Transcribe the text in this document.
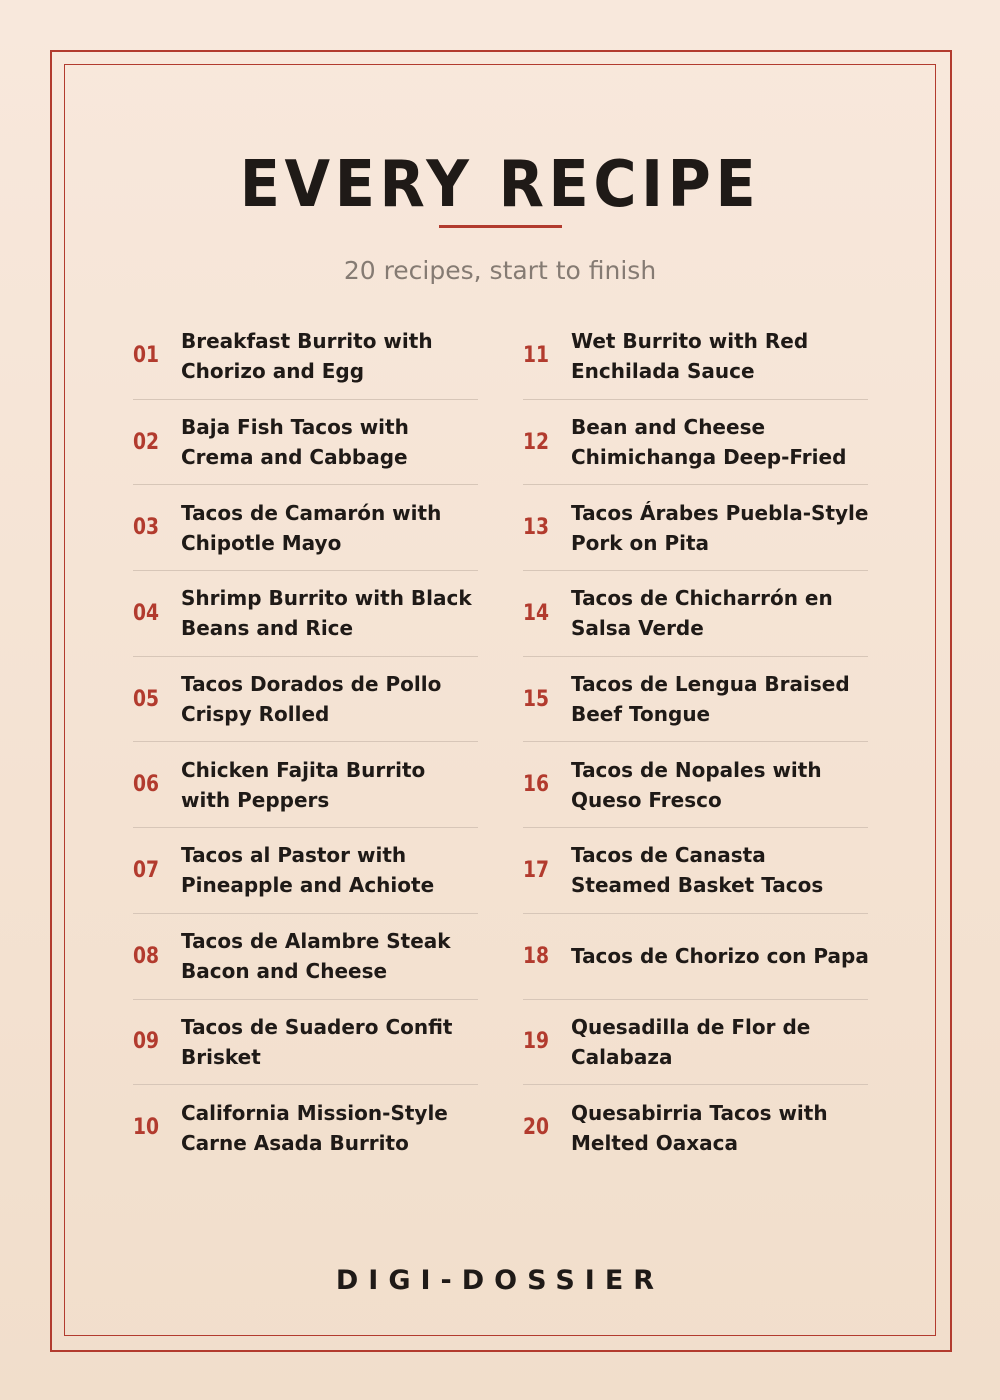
EVERY RECIPE
20 recipes, start to finish
01
Breakfast Burrito with Chorizo and Egg
02
Baja Fish Tacos with Crema and Cabbage
03
Tacos de Camarón with Chipotle Mayo
04
Shrimp Burrito with Black Beans and Rice
05
Tacos Dorados de Pollo Crispy Rolled
06
Chicken Fajita Burrito with Peppers
07
Tacos al Pastor with Pineapple and Achiote
08
Tacos de Alambre Steak Bacon and Cheese
09
Tacos de Suadero Confit Brisket
10
California Mission-Style Carne Asada Burrito
11
Wet Burrito with Red Enchilada Sauce
12
Bean and Cheese Chimichanga Deep-Fried
13
Tacos Árabes Puebla-Style Pork on Pita
14
Tacos de Chicharrón en Salsa Verde
15
Tacos de Lengua Braised Beef Tongue
16
Tacos de Nopales with Queso Fresco
17
Tacos de Canasta Steamed Basket Tacos
18 Tacos de Chorizo con Papa
19
Quesadilla de Flor de Calabaza
20
Quesabirria Tacos with Melted Oaxaca
DIGI-DOSSIER
